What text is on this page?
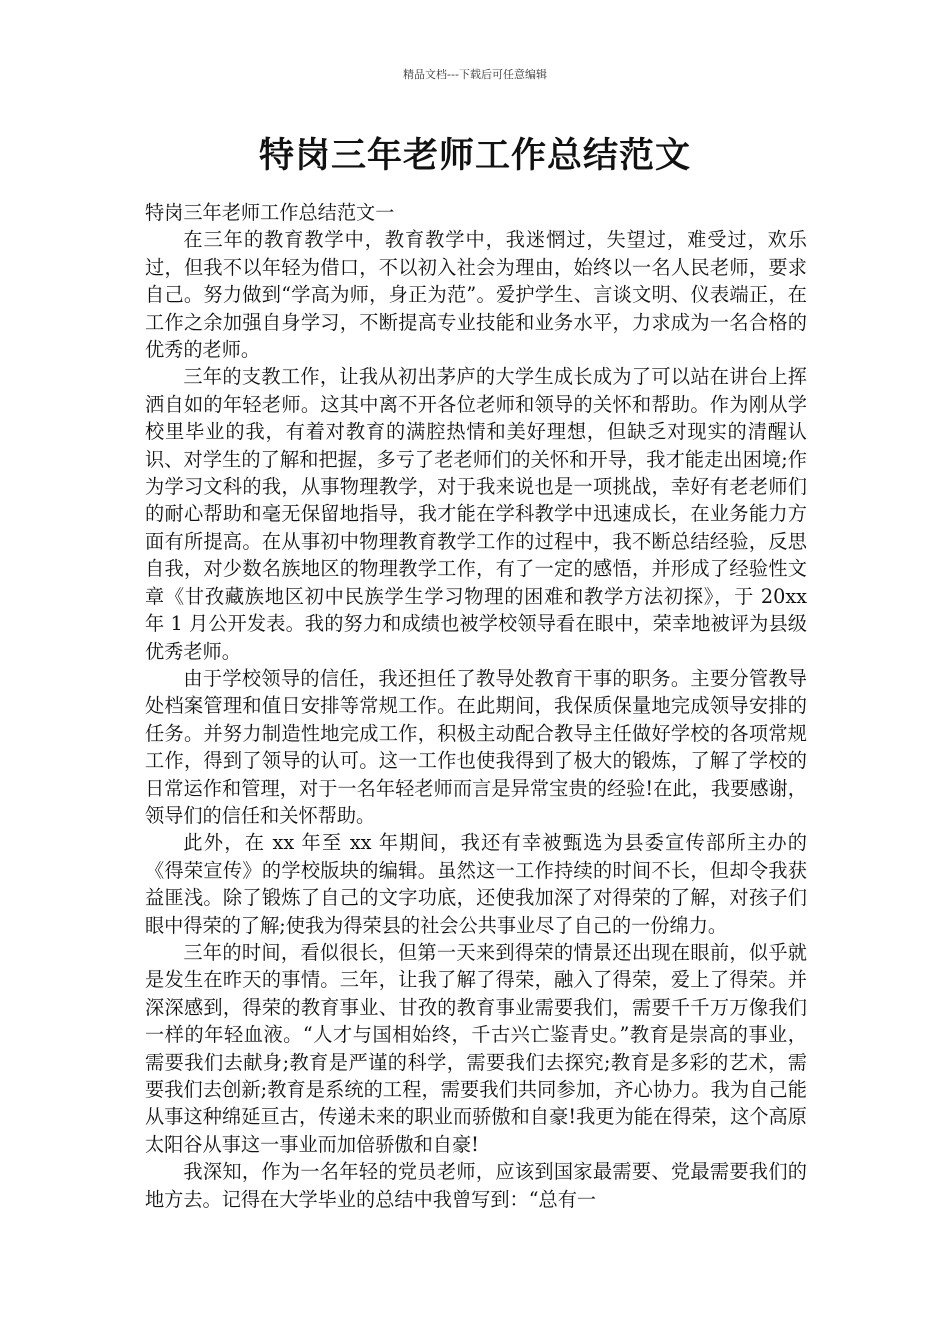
精品文档---下载后可任意编辑
特岗三年老师工作总结范文

特岗三年老师工作总结范文一

在三年的教育教学中，教育教学中，我迷惘过，失望过，难受过，欢乐过，但我不以年轻为借口，不以初入社会为理由，始终以一名人民老师，要求自己。努力做到“学高为师，身正为范”。爱护学生、言谈文明、仪表端正，在工作之余加强自身学习，不断提高专业技能和业务水平，力求成为一名合格的优秀的老师。

三年的支教工作，让我从初出茅庐的大学生成长成为了可以站在讲台上挥洒自如的年轻老师。这其中离不开各位老师和领导的关怀和帮助。作为刚从学校里毕业的我，有着对教育的满腔热情和美好理想，但缺乏对现实的清醒认识、对学生的了解和把握，多亏了老老师们的关怀和开导，我才能走出困境;作为学习文科的我，从事物理教学，对于我来说也是一项挑战，幸好有老老师们的耐心帮助和毫无保留地指导，我才能在学科教学中迅速成长，在业务能力方面有所提高。在从事初中物理教育教学工作的过程中，我不断总结经验，反思自我，对少数名族地区的物理教学工作，有了一定的感悟，并形成了经验性文章《甘孜藏族地区初中民族学生学习物理的困难和教学方法初探》，于 20xx 年 1 月公开发表。我的努力和成绩也被学校领导看在眼中，荣幸地被评为县级优秀老师。

由于学校领导的信任，我还担任了教导处教育干事的职务。主要分管教导处档案管理和值日安排等常规工作。在此期间，我保质保量地完成领导安排的任务。并努力制造性地完成工作，积极主动配合教导主任做好学校的各项常规工作，得到了领导的认可。这一工作也使我得到了极大的锻炼，了解了学校的日常运作和管理，对于一名年轻老师而言是异常宝贵的经验!在此，我要感谢，领导们的信任和关怀帮助。

此外，在 xx 年至 xx 年期间，我还有幸被甄选为县委宣传部所主办的《得荣宣传》的学校版块的编辑。虽然这一工作持续的时间不长，但却令我获益匪浅。除了锻炼了自己的文字功底，还使我加深了对得荣的了解，对孩子们眼中得荣的了解;使我为得荣县的社会公共事业尽了自己的一份绵力。

三年的时间，看似很长，但第一天来到得荣的情景还出现在眼前，似乎就是发生在昨天的事情。三年，让我了解了得荣，融入了得荣，爱上了得荣。并深深感到，得荣的教育事业、甘孜的教育事业需要我们，需要千千万万像我们一样的年轻血液。“人才与国相始终，千古兴亡鉴青史。”教育是崇高的事业，需要我们去献身;教育是严谨的科学，需要我们去探究;教育是多彩的艺术，需要我们去创新;教育是系统的工程，需要我们共同参加，齐心协力。我为自己能从事这种绵延亘古，传递未来的职业而骄傲和自豪!我更为能在得荣，这个高原太阳谷从事这一事业而加倍骄傲和自豪!

我深知，作为一名年轻的党员老师，应该到国家最需要、党最需要我们的地方去。记得在大学毕业的总结中我曾写到：“总有一
